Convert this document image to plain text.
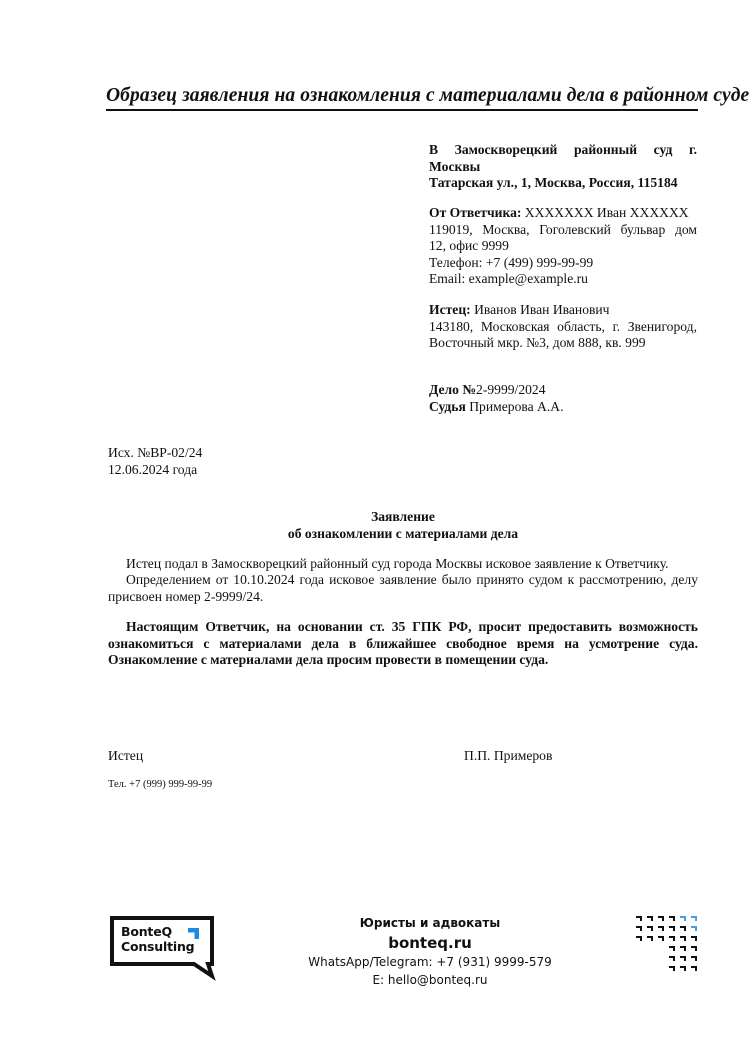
Образец заявления на ознакомления с материалами дела в районном суде
В Замоскворецкий районный суд г.
Москвы
Татарская ул., 1, Москва, Россия, 115184
От Ответчика: XXXXXXX Иван XXXXXX
119019, Москва, Гоголевский бульвар дом
12, офис 9999
Телефон: +7 (499) 999-99-99
Email: example@example.ru
Истец: Иванов Иван Иванович
143180, Московская область, г. Звенигород,
Восточный мкр. №3, дом 888, кв. 999
Дело №2-9999/2024
Судья Примерова А.А.
Исх. №ВР-02/24
12.06.2024 года
Заявление
об ознакомлении с материалами дела
Истец подал в Замоскворецкий районный суд города Москвы исковое заявление к Ответчику.
Определением от 10.10.2024 года исковое заявление было принято судом к рассмотрению, делу присвоен номер 2-9999/24.
Настоящим Ответчик, на основании ст. 35 ГПК РФ, просит предоставить возможность ознакомиться с материалами дела в ближайшее свободное время на усмотрение суда. Ознакомление с материалами дела просим провести в помещении суда.
Истец	П.П. Примеров
Тел. +7 (999) 999-99-99
BonteQ
Consulting
Юристы и адвокаты
bonteq.ru
WhatsApp/Telegram: +7 (931) 9999-579
E: hello@bonteq.ru
